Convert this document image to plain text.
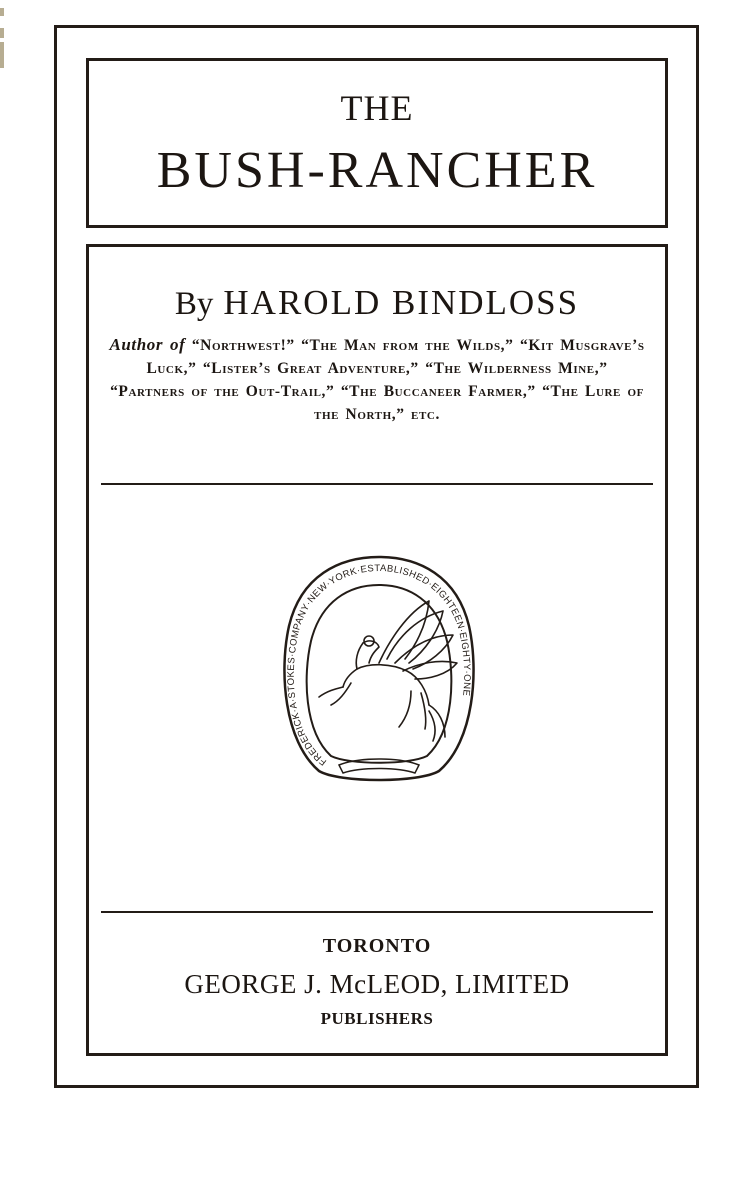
THE
BUSH-RANCHER
By HAROLD BINDLOSS
Author of “Northwest!” “The Man from the Wilds,” “Kit Musgrave’s Luck,” “Lister’s Great Adventure,” “The Wilderness Mine,” “Partners of the Out-Trail,” “The Buccaneer Farmer,” “The Lure of the North,” etc.
FREDERICK·A·STOKES·COMPANY·NEW·YORK·ESTABLISHED·EIGHTEEN·EIGHTY·ONE
TORONTO
GEORGE J. McLEOD, LIMITED
PUBLISHERS
